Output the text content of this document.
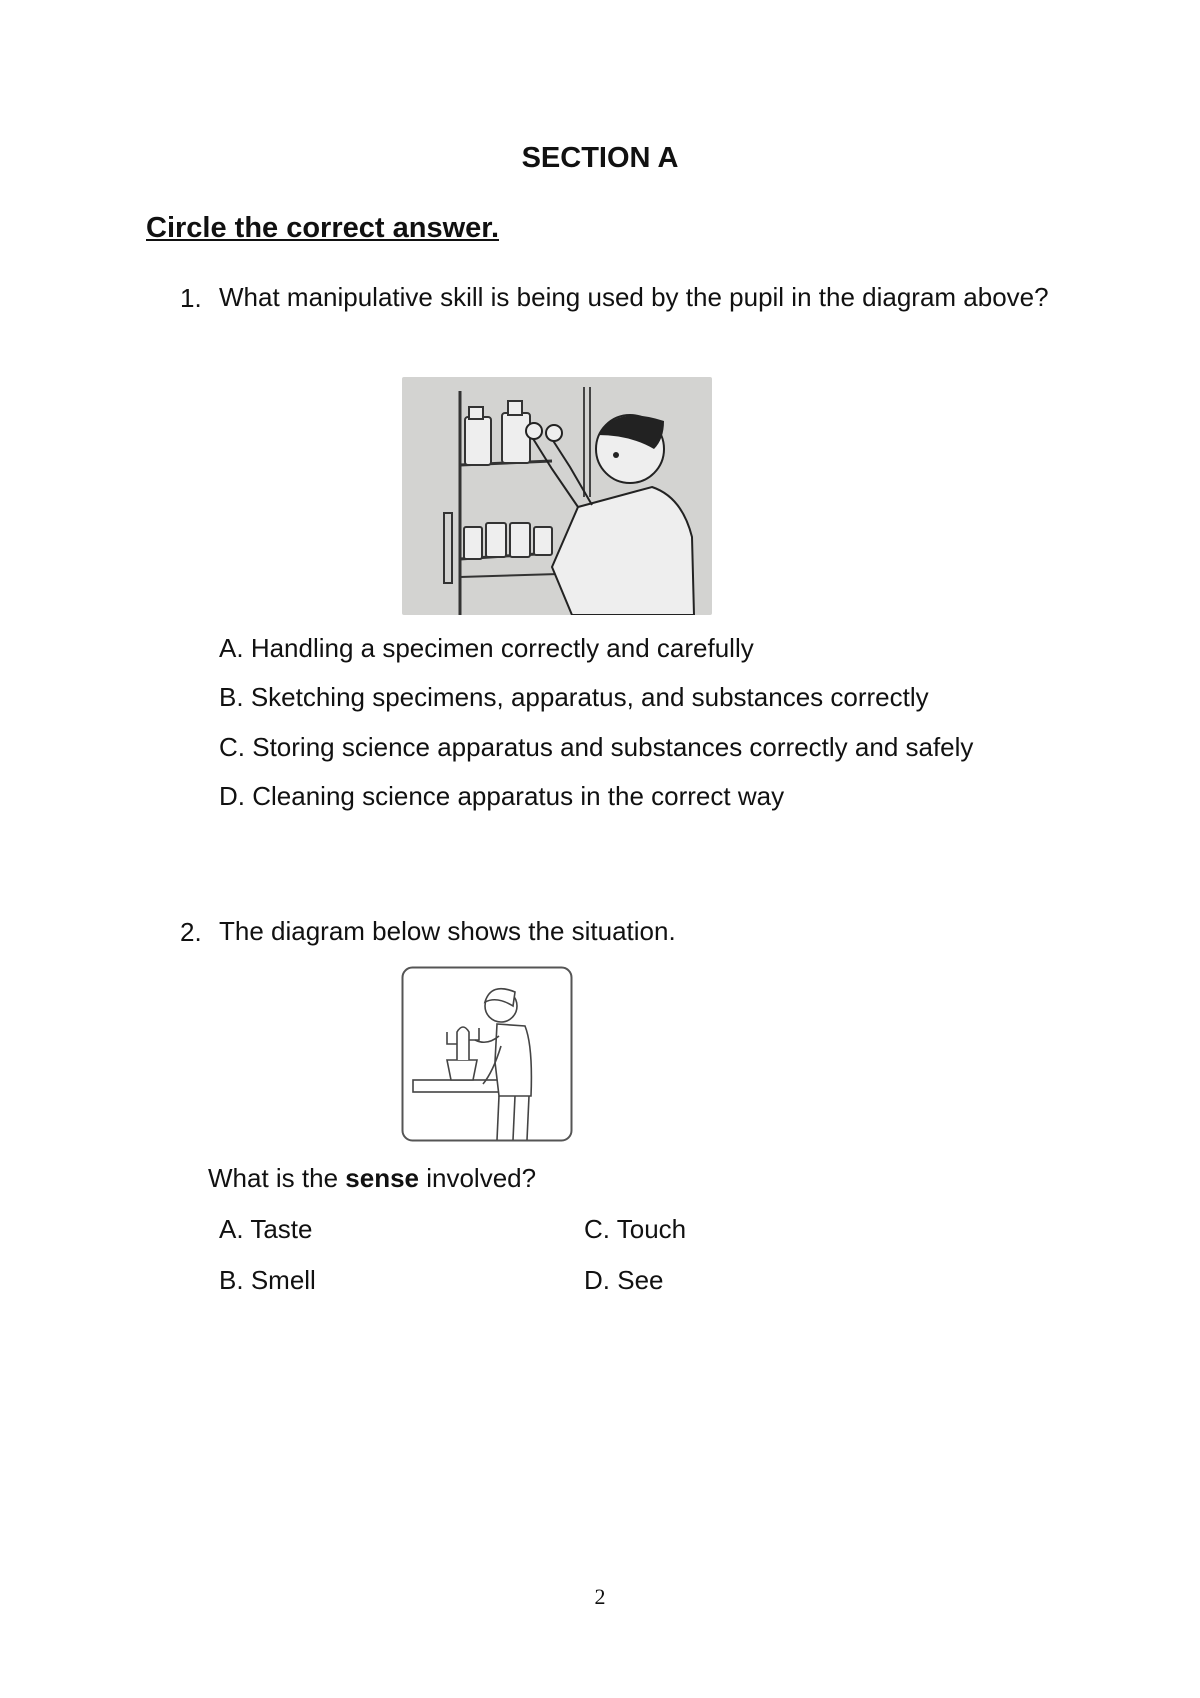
SECTION A
Circle the correct answer.
1. What manipulative skill is being used by the pupil in the diagram above?
A. Handling a specimen correctly and carefully
B. Sketching specimens, apparatus, and substances correctly
C. Storing science apparatus and substances correctly and safely
D. Cleaning science apparatus in the correct way
2. The diagram below shows the situation.
What is the sense involved?
A. Taste
B. Smell
C. Touch
D. See
2
